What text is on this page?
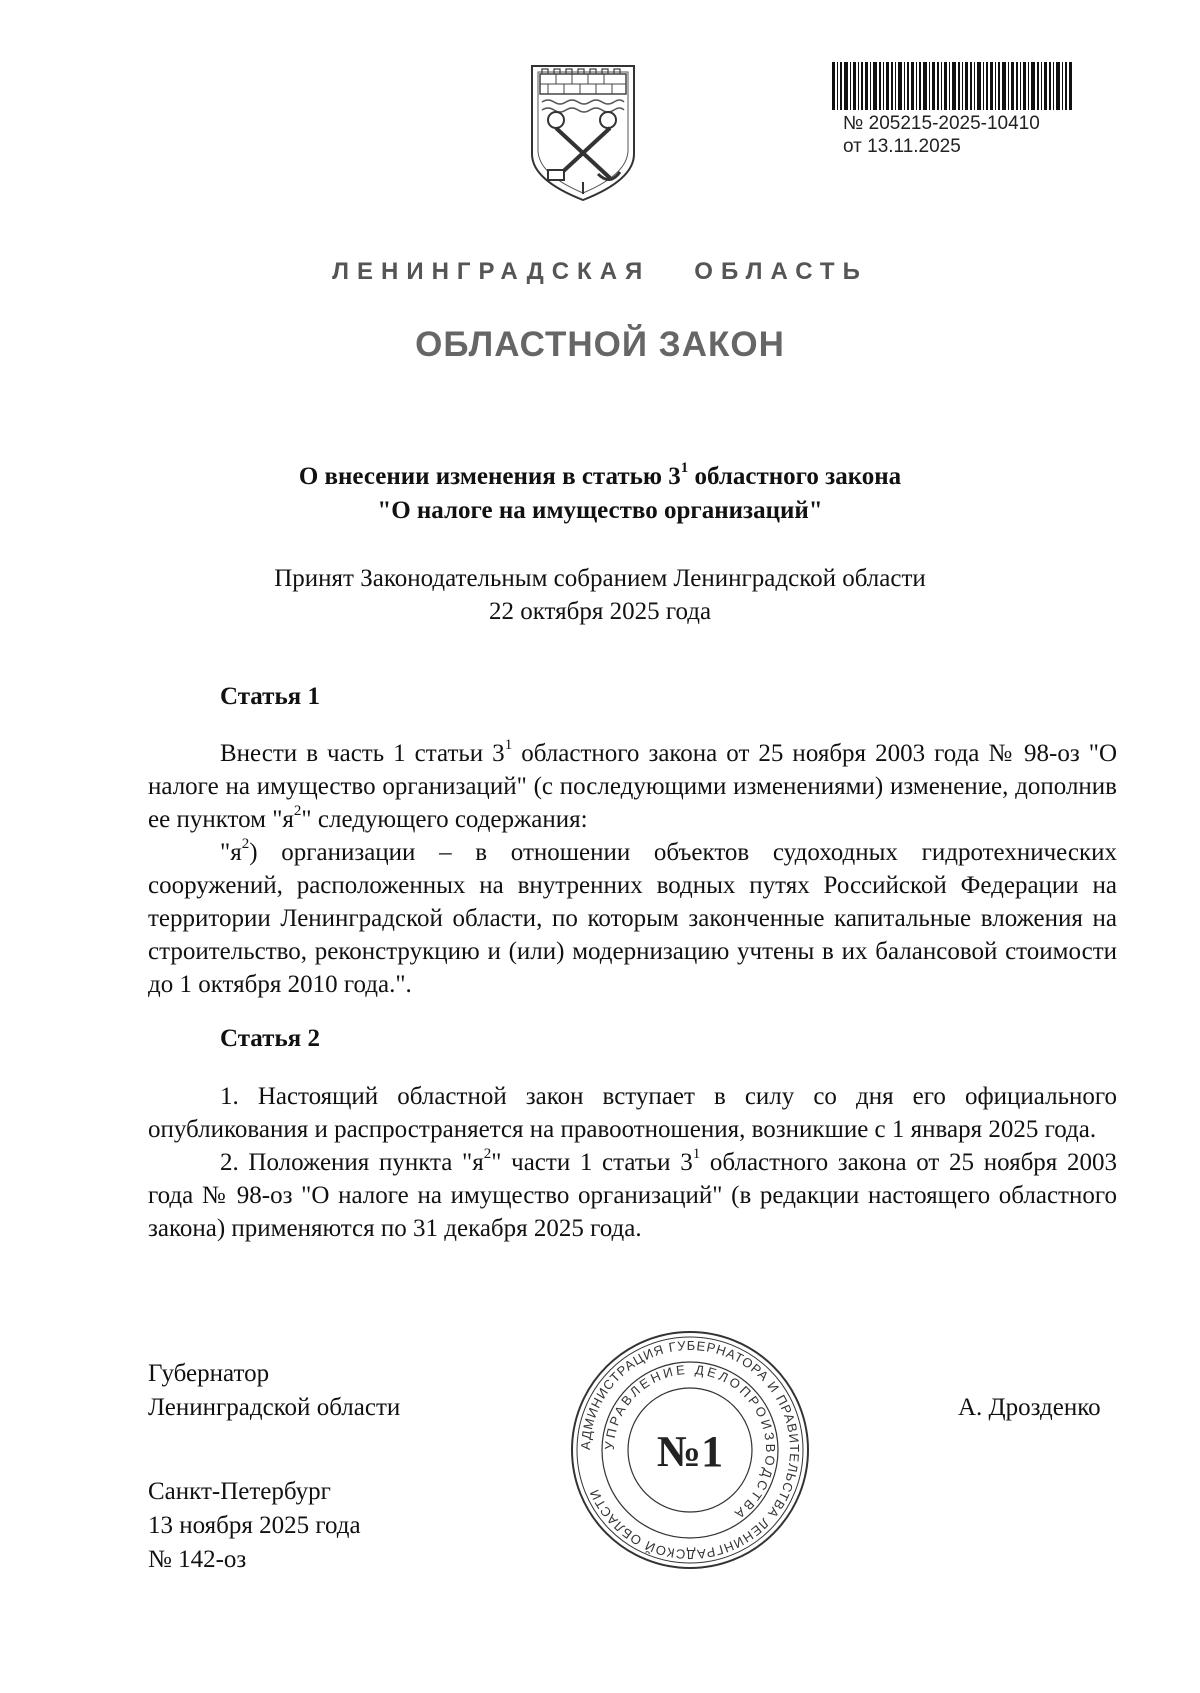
№ 205215-2025-10410
от 13.11.2025
ЛЕНИНГРАДСКАЯ   ОБЛАСТЬ
ОБЛАСТНОЙ ЗАКОН
О внесении изменения в статью $3^1$ областного закона
"О налоге на имущество организаций"
Принят Законодательным собранием Ленинградской области
22 октября 2025 года
Статья 1

Внести в часть 1 статьи $3^1$ областного закона от 25 ноября 2003 года № 98-оз "О налоге на имущество организаций" (с последующими изменениями) изменение, дополнив ее пунктом "$я^2$" следующего содержания:

"$я^2$) организации – в отношении объектов судоходных гидротехнических сооружений, расположенных на внутренних водных путях Российской Федерации на территории Ленинградской области, по которым законченные капитальные вложения на строительство, реконструкцию и (или) модернизацию учтены в их балансовой стоимости до 1 октября 2010 года.".

Статья 2

1. Настоящий областной закон вступает в силу со дня его официального опубликования и распространяется на правоотношения, возникшие с 1 января 2025 года.

2. Положения пункта "$я^2$" части 1 статьи $3^1$ областного закона от 25 ноября 2003 года № 98-оз "О налоге на имущество организаций" (в редакции настоящего областного закона) применяются по 31 декабря 2025 года.

Губернатор
Ленинградской области	А. Дрозденко
Санкт-Петербург
13 ноября 2025 года
№ 142-оз
АДМИНИСТРАЦИЯ ГУБЕРНАТОРА И ПРАВИТЕЛЬСТВА ЛЕНИНГРАДСКОЙ ОБЛАСТИ
УПРАВЛЕНИЕ ДЕЛОПРОИЗВОДСТВА
№1
